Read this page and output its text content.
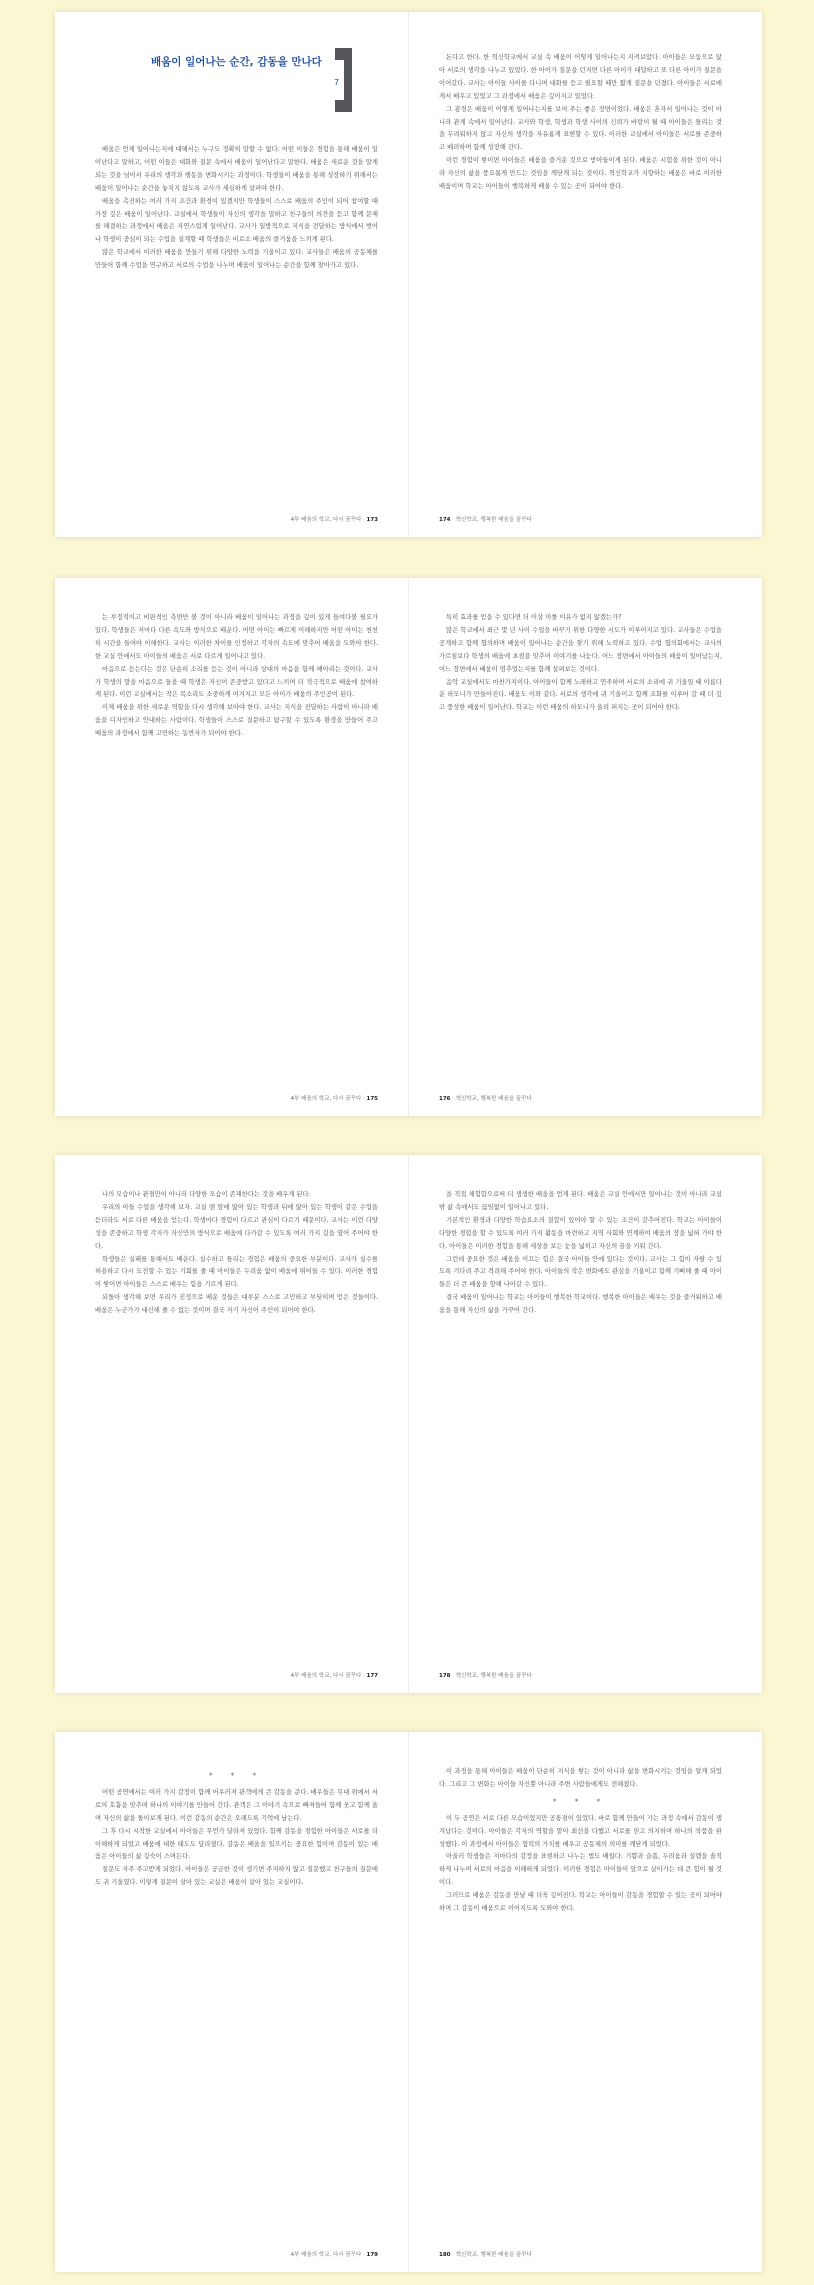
배움이 일어나는 순간, 감동을 만나다
7

배움은 언제 일어나는지에 대해서는 누구도 정확히 말할 수 없다. 어떤 이들은 경험을 통해 배움이 일어난다고 말하고, 어떤 이들은 대화와 질문 속에서 배움이 일어난다고 말한다. 배움은 새로운 것을 알게 되는 것을 넘어서 우리의 생각과 행동을 변화시키는 과정이다. 학생들이 배움을 통해 성장하기 위해서는 배움이 일어나는 순간을 놓치지 않도록 교사가 세심하게 살펴야 한다.

배움을 촉진하는 여러 가지 조건과 환경이 있겠지만 학생들이 스스로 배움의 주인이 되어 참여할 때 가장 깊은 배움이 일어난다. 교실에서 학생들이 자신의 생각을 말하고 친구들의 의견을 듣고 함께 문제를 해결하는 과정에서 배움은 자연스럽게 일어난다. 교사가 일방적으로 지식을 전달하는 방식에서 벗어나 학생이 중심이 되는 수업을 설계할 때 학생들은 비로소 배움의 즐거움을 느끼게 된다.

많은 학교에서 이러한 배움을 만들기 위해 다양한 노력을 기울이고 있다. 교사들은 배움의 공동체를 만들어 함께 수업을 연구하고 서로의 수업을 나누며 배움이 일어나는 순간을 함께 찾아가고 있다.

4부 배움의 학교, 다시 꿈꾸다 · 173

돈다고 한다. 한 혁신학교에서 교실 속 배움이 어떻게 일어나는지 지켜보았다. 아이들은 모둠으로 앉아 서로의 생각을 나누고 있었다. 한 아이가 질문을 던지면 다른 아이가 대답하고 또 다른 아이가 질문을 이어갔다. 교사는 아이들 사이를 다니며 대화를 듣고 필요할 때만 짧게 질문을 던졌다. 아이들은 서로에게서 배우고 있었고 그 과정에서 배움은 깊어지고 있었다.

그 광경은 배움이 어떻게 일어나는지를 보여 주는 좋은 장면이었다. 배움은 혼자서 일어나는 것이 아니라 관계 속에서 일어난다. 교사와 학생, 학생과 학생 사이의 신뢰가 바탕이 될 때 아이들은 틀리는 것을 두려워하지 않고 자신의 생각을 자유롭게 표현할 수 있다. 이러한 교실에서 아이들은 서로를 존중하고 배려하며 함께 성장해 간다.

이런 경험이 쌓이면 아이들은 배움을 즐거운 것으로 받아들이게 된다. 배움은 시험을 위한 것이 아니라 자신의 삶을 풍요롭게 만드는 것임을 깨닫게 되는 것이다. 혁신학교가 지향하는 배움은 바로 이러한 배움이며 학교는 아이들이 행복하게 배울 수 있는 곳이 되어야 한다.

174 · 혁신학교, 행복한 배움을 꿈꾸다

는 부정적이고 비판적인 측면만 볼 것이 아니라 배움이 일어나는 과정을 깊이 있게 들여다볼 필요가 있다. 학생들은 저마다 다른 속도와 방식으로 배운다. 어떤 아이는 빠르게 이해하지만 어떤 아이는 천천히 시간을 들여야 이해한다. 교사는 이러한 차이를 인정하고 각자의 속도에 맞추어 배움을 도와야 한다. 한 교실 안에서도 아이들의 배움은 서로 다르게 일어나고 있다.

마음으로 듣는다는 것은 단순히 소리를 듣는 것이 아니라 상대의 마음을 함께 헤아리는 것이다. 교사가 학생의 말을 마음으로 들을 때 학생은 자신이 존중받고 있다고 느끼며 더 적극적으로 배움에 참여하게 된다. 이런 교실에서는 작은 목소리도 소중하게 여겨지고 모든 아이가 배움의 주인공이 된다.

이제 배움을 위한 새로운 역할을 다시 생각해 보아야 한다. 교사는 지식을 전달하는 사람이 아니라 배움을 디자인하고 안내하는 사람이다. 학생들이 스스로 질문하고 탐구할 수 있도록 환경을 만들어 주고 배움의 과정에서 함께 고민하는 동반자가 되어야 한다.

4부 배움의 학교, 다시 꿈꾸다 · 175

특히 효과를 얻을 수 있다면 더 이상 미룰 이유가 없지 않겠는가?

많은 학교에서 최근 몇 년 사이 수업을 바꾸기 위한 다양한 시도가 이루어지고 있다. 교사들은 수업을 공개하고 함께 협의하며 배움이 일어나는 순간을 찾기 위해 노력하고 있다. 수업 협의회에서는 교사의 가르침보다 학생의 배움에 초점을 맞추어 이야기를 나눈다. 어느 장면에서 아이들의 배움이 일어났는지, 어느 장면에서 배움이 멈추었는지를 함께 살펴보는 것이다.

음악 교실에서도 마찬가지이다. 아이들이 함께 노래하고 연주하며 서로의 소리에 귀 기울일 때 아름다운 하모니가 만들어진다. 배움도 이와 같다. 서로의 생각에 귀 기울이고 함께 조화를 이루어 갈 때 더 깊고 풍성한 배움이 일어난다. 학교는 이런 배움의 하모니가 울려 퍼지는 곳이 되어야 한다.

176 · 혁신학교, 행복한 배움을 꿈꾸다

나의 모습이나 관점만이 아니라 다양한 모습이 존재한다는 것을 배우게 된다.

우리의 아들 수업을 생각해 보자. 교실 맨 앞에 앉아 있는 학생과 뒤에 앉아 있는 학생이 같은 수업을 듣더라도 서로 다른 배움을 얻는다. 학생마다 경험이 다르고 관심이 다르기 때문이다. 교사는 이런 다양성을 존중하고 학생 각자가 자신만의 방식으로 배움에 다가갈 수 있도록 여러 가지 길을 열어 주어야 한다.

학생들은 실패를 통해서도 배운다. 실수하고 틀리는 경험은 배움의 중요한 부분이다. 교사가 실수를 허용하고 다시 도전할 수 있는 기회를 줄 때 아이들은 두려움 없이 배움에 뛰어들 수 있다. 이러한 경험이 쌓이면 아이들은 스스로 배우는 힘을 기르게 된다.

되돌아 생각해 보면 우리가 진정으로 배운 것들은 대부분 스스로 고민하고 부딪히며 얻은 것들이다. 배움은 누군가가 대신해 줄 수 없는 것이며 결국 자기 자신이 주인이 되어야 한다.

4부 배움의 학교, 다시 꿈꾸다 · 177

을 직접 체험함으로써 더 생생한 배움을 얻게 된다. 배움은 교실 안에서만 일어나는 것이 아니라 교실 밖 삶 속에서도 끊임없이 일어나고 있다.

기본적인 환경과 다양한 학습요소의 결합이 있어야 할 수 있는 조건이 갖추어진다. 학교는 아이들이 다양한 경험을 할 수 있도록 여러 가지 활동을 마련하고 지역 사회와 연계하여 배움의 장을 넓혀 가야 한다. 아이들은 이러한 경험을 통해 세상을 보는 눈을 넓히고 자신의 꿈을 키워 간다.

그런데 중요한 것은 배움을 이끄는 힘은 결국 아이들 안에 있다는 것이다. 교사는 그 힘이 자랄 수 있도록 기다려 주고 격려해 주어야 한다. 아이들의 작은 변화에도 관심을 기울이고 함께 기뻐해 줄 때 아이들은 더 큰 배움을 향해 나아갈 수 있다.

결국 배움이 일어나는 학교는 아이들이 행복한 학교이다. 행복한 아이들은 배우는 것을 즐거워하고 배움을 통해 자신의 삶을 가꾸어 간다.

178 · 혁신학교, 행복한 배움을 꿈꾸다
* * *

어떤 공연에서는 여러 가지 감정이 함께 어우러져 관객에게 큰 감동을 준다. 배우들은 무대 위에서 서로의 호흡을 맞추며 하나의 이야기를 만들어 간다. 관객은 그 이야기 속으로 빠져들어 함께 웃고 함께 울며 자신의 삶을 돌아보게 된다. 이런 감동의 순간은 오래도록 기억에 남는다.

그 후 다시 시작한 교실에서 아이들은 무언가 달라져 있었다. 함께 감동을 경험한 아이들은 서로를 더 이해하게 되었고 배움에 대한 태도도 달라졌다. 감동은 배움을 일으키는 중요한 힘이며 감동이 있는 배움은 아이들의 삶 깊숙이 스며든다.

질문도 자주 주고받게 되었다. 아이들은 궁금한 것이 생기면 주저하지 않고 질문했고 친구들의 질문에도 귀 기울였다. 이렇게 질문이 살아 있는 교실은 배움이 살아 있는 교실이다.

4부 배움의 학교, 다시 꿈꾸다 · 179

이 과정을 통해 아이들은 배움이 단순히 지식을 쌓는 것이 아니라 삶을 변화시키는 것임을 알게 되었다. 그리고 그 변화는 아이들 자신뿐 아니라 주변 사람들에게도 전해졌다.

* * *

이 두 공연은 서로 다른 모습이었지만 공통점이 있었다. 바로 함께 만들어 가는 과정 속에서 감동이 생겨났다는 것이다. 아이들은 각자의 역할을 맡아 최선을 다했고 서로를 믿고 의지하며 하나의 작품을 완성했다. 이 과정에서 아이들은 협력의 가치를 배우고 공동체의 의미를 깨닫게 되었다.

아울러 학생들은 저마다의 감정을 표현하고 나누는 법도 배웠다. 기쁨과 슬픔, 두려움과 설렘을 솔직하게 나누며 서로의 마음을 이해하게 되었다. 이러한 경험은 아이들이 앞으로 살아가는 데 큰 힘이 될 것이다.

그러므로 배움은 감동을 만날 때 더욱 깊어진다. 학교는 아이들이 감동을 경험할 수 있는 곳이 되어야 하며 그 감동이 배움으로 이어지도록 도와야 한다.

180 · 혁신학교, 행복한 배움을 꿈꾸다
